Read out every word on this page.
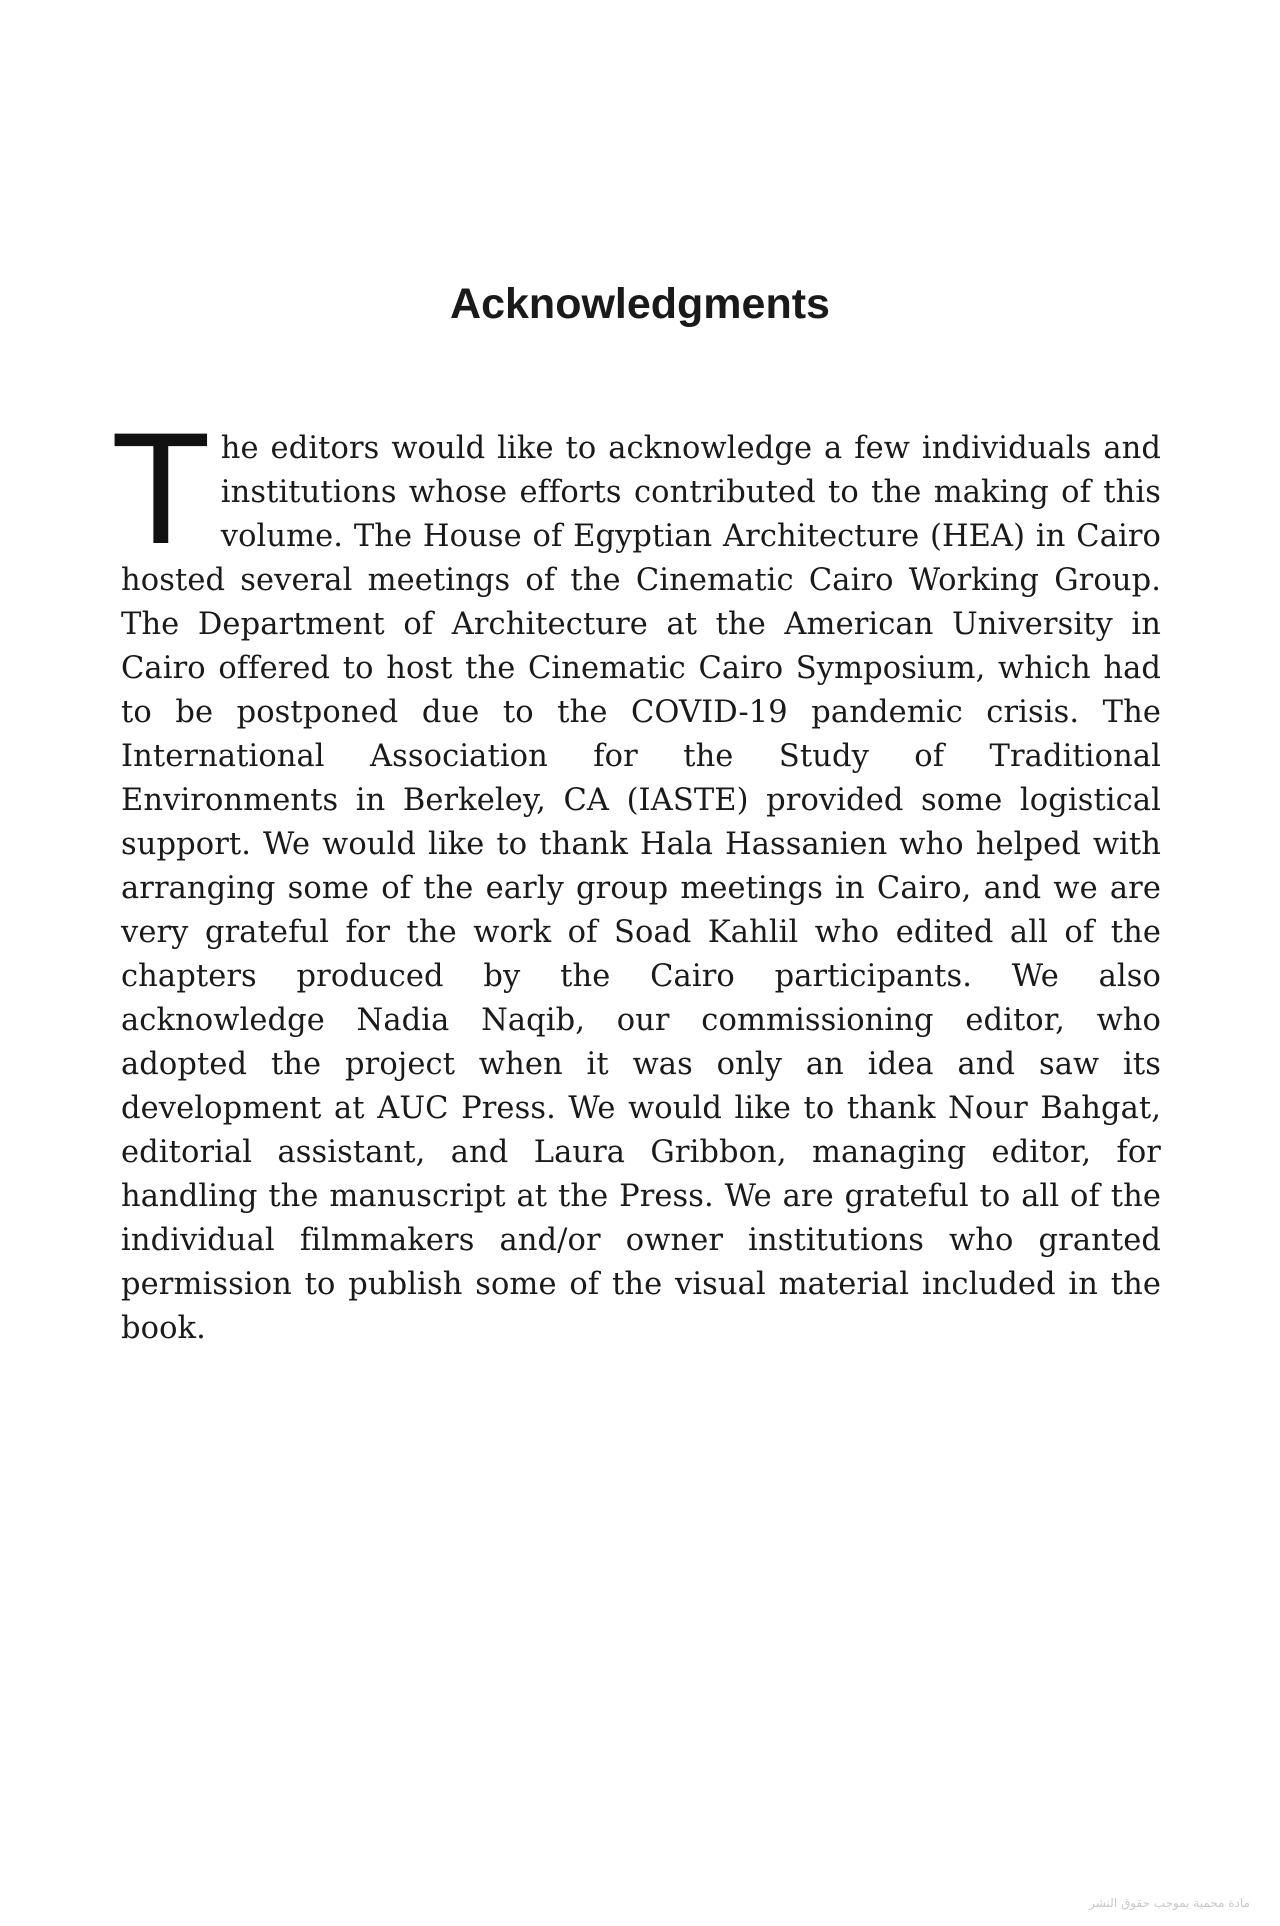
Acknowledgments

The editors would like to acknowledge a few individuals and institutions whose efforts contributed to the making of this volume. The House of Egyptian Architecture (HEA) in Cairo hosted several meetings of the Cinematic Cairo Working Group. The Department of Architecture at the American University in Cairo offered to host the Cinematic Cairo Symposium, which had to be postponed due to the COVID-19 pandemic crisis. The International Association for the Study of Traditional Environments in Berkeley, CA (IASTE) provided some logistical support. We would like to thank Hala Hassanien who helped with arranging some of the early group meetings in Cairo, and we are very grateful for the work of Soad Kahlil who edited all of the chapters produced by the Cairo participants. We also acknowledge Nadia Naqib, our commissioning editor, who adopted the project when it was only an idea and saw its development at AUC Press. We would like to thank Nour Bahgat, editorial assistant, and Laura Gribbon, managing editor, for handling the manuscript at the Press. We are grateful to all of the individual filmmakers and/or owner institutions who granted permission to publish some of the visual material included in the book.

مادة محمية بموجب حقوق النشر
